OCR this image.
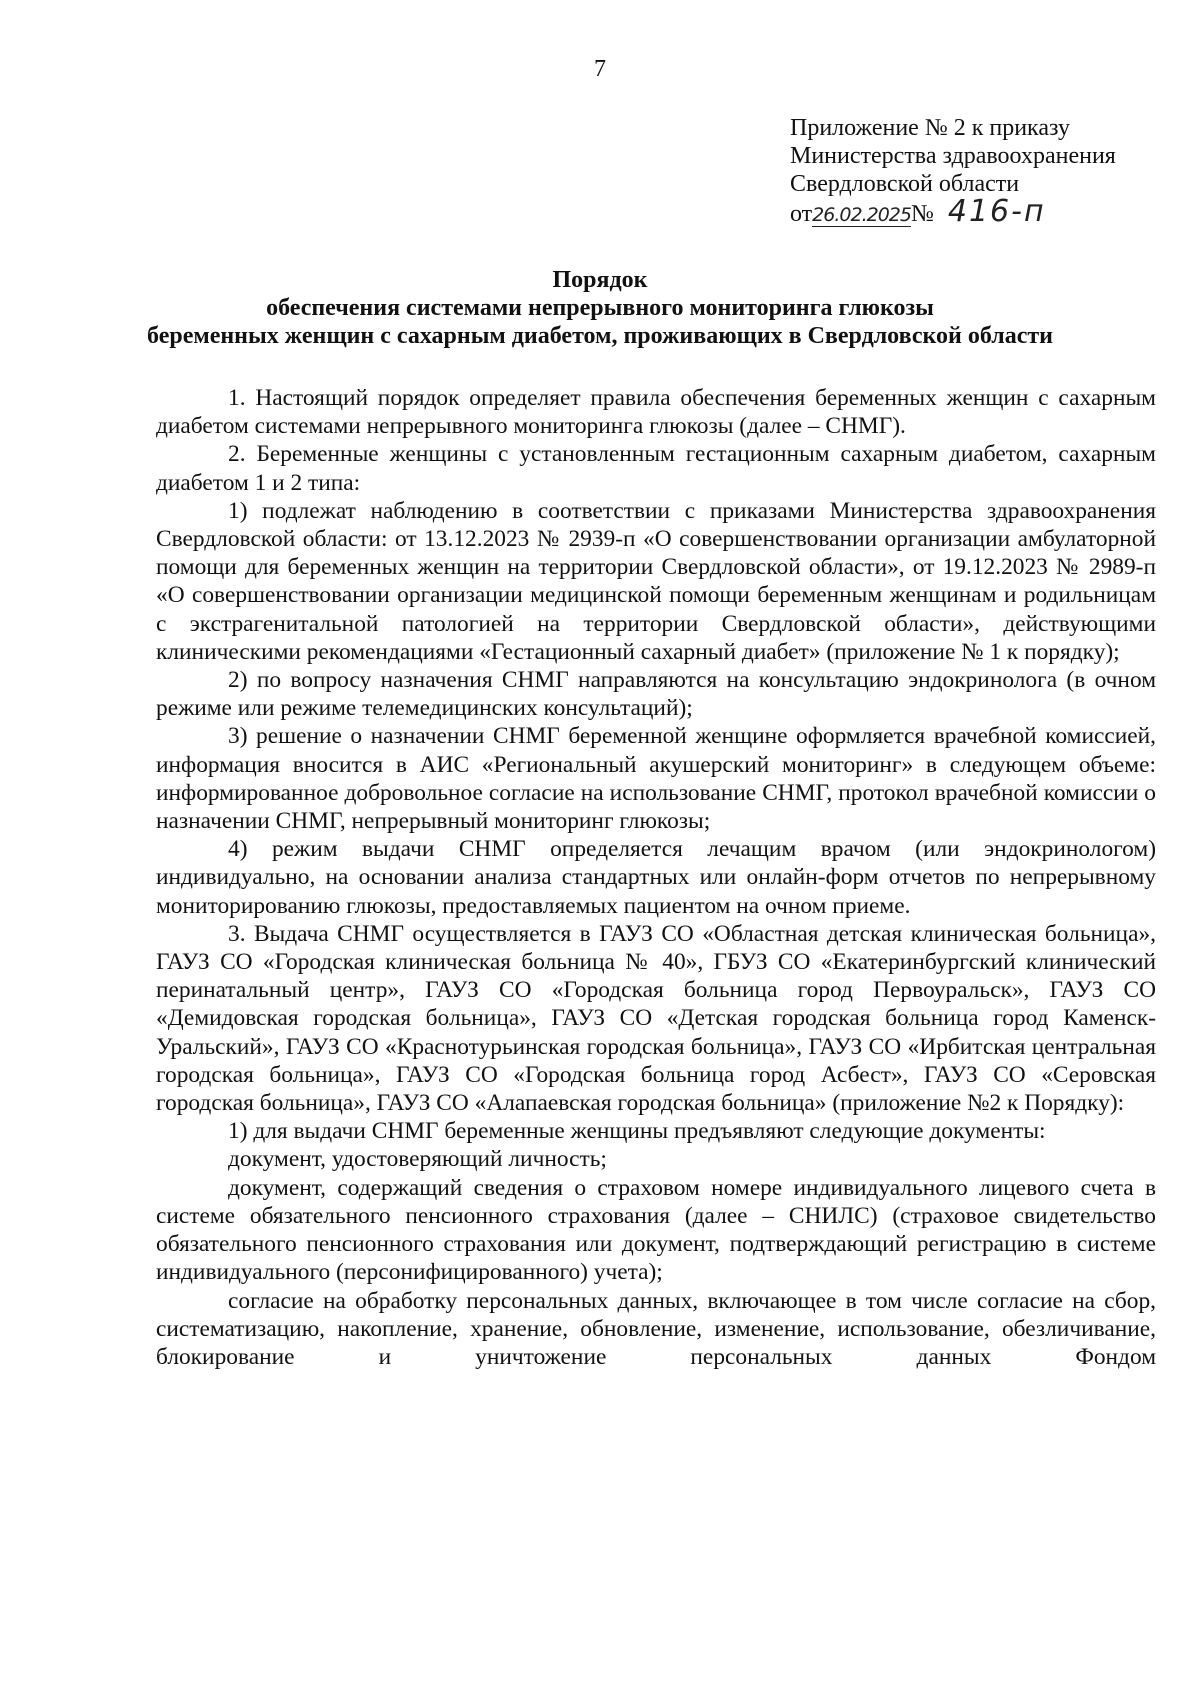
7
Приложение № 2 к приказу
Министерства здравоохранения
Свердловской области
от26.02.2025№ 416-п
Порядок
обеспечения системами непрерывного мониторинга глюкозы
беременных женщин с сахарным диабетом, проживающих в Свердловской области

1. Настоящий порядок определяет правила обеспечения беременных женщин с сахарным диабетом системами непрерывного мониторинга глюкозы (далее – СНМГ).

2. Беременные женщины с установленным гестационным сахарным диабетом, сахарным диабетом 1 и 2 типа:

1) подлежат наблюдению в соответствии с приказами Министерства здравоохранения Свердловской области: от 13.12.2023 № 2939-п «О совершенствовании организации амбулаторной помощи для беременных женщин на территории Свердловской области», от 19.12.2023 № 2989-п «О совершенствовании организации медицинской помощи беременным женщинам и родильницам с экстрагенитальной патологией на территории Свердловской области», действующими клиническими рекомендациями «Гестационный сахарный диабет» (приложение № 1 к порядку);

2) по вопросу назначения СНМГ направляются на консультацию эндокринолога (в очном режиме или режиме телемедицинских консультаций);

3) решение о назначении СНМГ беременной женщине оформляется врачебной комиссией, информация вносится в АИС «Региональный акушерский мониторинг» в следующем объеме: информированное добровольное согласие на использование СНМГ, протокол врачебной комиссии о назначении СНМГ, непрерывный мониторинг глюкозы;

4) режим выдачи СНМГ определяется лечащим врачом (или эндокринологом) индивидуально, на основании анализа стандартных или онлайн-форм отчетов по непрерывному мониторированию глюкозы, предоставляемых пациентом на очном приеме.

3. Выдача СНМГ осуществляется в ГАУЗ СО «Областная детская клиническая больница», ГАУЗ СО «Городская клиническая больница № 40», ГБУЗ СО «Екатеринбургский клинический перинатальный центр», ГАУЗ СО «Городская больница город Первоуральск», ГАУЗ СО «Демидовская городская больница», ГАУЗ СО «Детская городская больница город Каменск-Уральский», ГАУЗ СО «Краснотурьинская городская больница», ГАУЗ СО «Ирбитская центральная городская больница», ГАУЗ СО «Городская больница город Асбест», ГАУЗ СО «Серовская городская больница», ГАУЗ СО «Алапаевская городская больница» (приложение №2 к Порядку):

1) для выдачи СНМГ беременные женщины предъявляют следующие документы:

документ, удостоверяющий личность;

документ, содержащий сведения о страховом номере индивидуального лицевого счета в системе обязательного пенсионного страхования (далее – СНИЛС) (страховое свидетельство обязательного пенсионного страхования или документ, подтверждающий регистрацию в системе индивидуального (персонифицированного) учета);

согласие на обработку персональных данных, включающее в том числе согласие на сбор, систематизацию, накопление, хранение, обновление, изменение, использование, обезличивание, блокирование и уничтожение персональных данных Фондом
